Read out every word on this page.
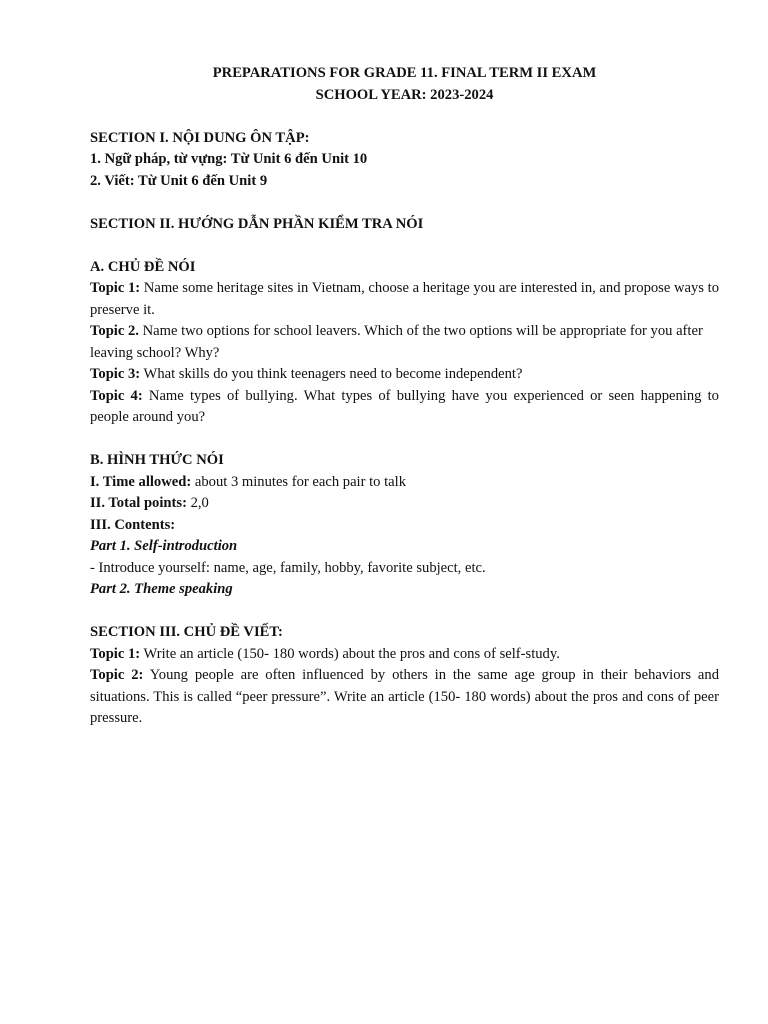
PREPARATIONS FOR GRADE 11. FINAL TERM II EXAM

SCHOOL YEAR: 2023-2024

SECTION I. NỘI DUNG ÔN TẬP:

1. Ngữ pháp, từ vựng: Từ Unit 6 đến Unit 10

2. Viết: Từ Unit 6 đến Unit 9

SECTION II. HƯỚNG DẪN PHẦN KIỂM TRA NÓI

A. CHỦ ĐỀ NÓI

Topic 1: Name some heritage sites in Vietnam, choose a heritage you are interested in, and propose ways to preserve it.

Topic 2. Name two options for school leavers. Which of the two options will be appropriate for you after leaving school? Why?

Topic 3: What skills do you think teenagers need to become independent?

Topic 4: Name types of bullying. What types of bullying have you experienced or seen happening to people around you?

B. HÌNH THỨC NÓI

I. Time allowed: about 3 minutes for each pair to talk

II. Total points: 2,0

III. Contents:

Part 1. Self-introduction

- Introduce yourself: name, age, family, hobby, favorite subject, etc.

Part 2. Theme speaking

SECTION III. CHỦ ĐỀ VIẾT:

Topic 1: Write an article (150- 180 words) about the pros and cons of self-study.

Topic 2: Young people are often influenced by others in the same age group in their behaviors and situations. This is called “peer pressure”. Write an article (150- 180 words) about the pros and cons of peer pressure.
